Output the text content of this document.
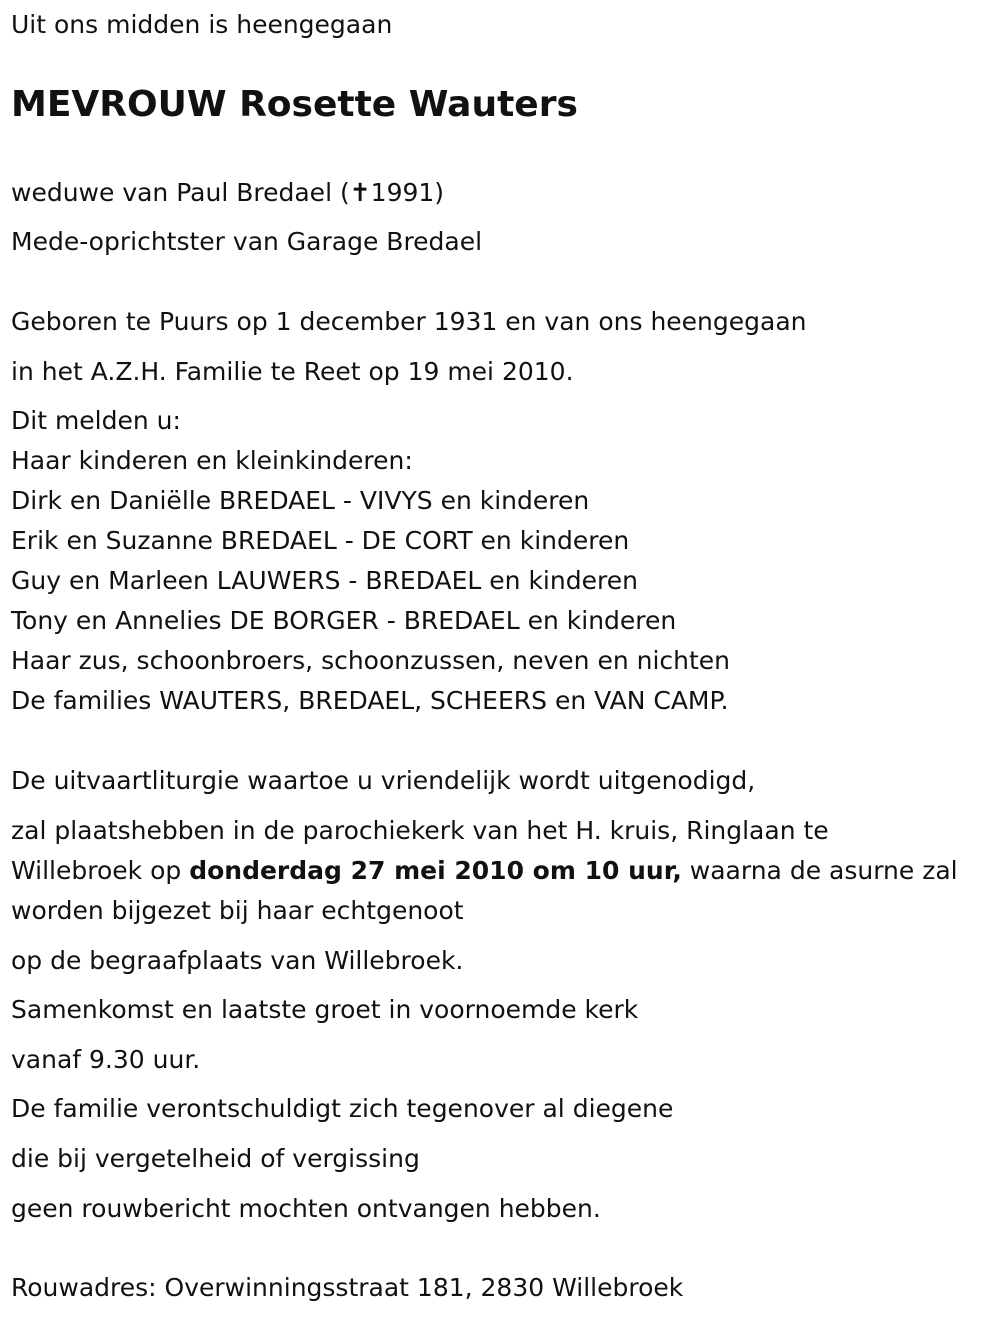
Uit ons midden is heengegaan
MEVROUW Rosette Wauters
weduwe van Paul Bredael (✝1991)
Mede-oprichtster van Garage Bredael
Geboren te Puurs op 1 december 1931 en van ons heengegaan
in het A.Z.H. Familie te Reet op 19 mei 2010.
Dit melden u:
Haar kinderen en kleinkinderen:
Dirk en Daniëlle BREDAEL - VIVYS en kinderen
Erik en Suzanne BREDAEL - DE CORT en kinderen
Guy en Marleen LAUWERS - BREDAEL en kinderen
Tony en Annelies DE BORGER - BREDAEL en kinderen
Haar zus, schoonbroers, schoonzussen, neven en nichten
De families WAUTERS, BREDAEL, SCHEERS en VAN CAMP.
De uitvaartliturgie waartoe u vriendelijk wordt uitgenodigd,
zal plaatshebben in de parochiekerk van het H. kruis, Ringlaan te
Willebroek op donderdag 27 mei 2010 om 10 uur, waarna de asurne zal
worden bijgezet bij haar echtgenoot
op de begraafplaats van Willebroek.
Samenkomst en laatste groet in voornoemde kerk
vanaf 9.30 uur.
De familie verontschuldigt zich tegenover al diegene
die bij vergetelheid of vergissing
geen rouwbericht mochten ontvangen hebben.
Rouwadres: Overwinningsstraat 181, 2830 Willebroek
